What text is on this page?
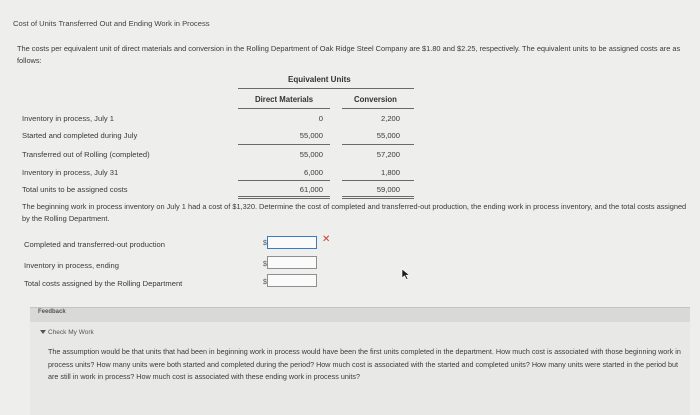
Cost of Units Transferred Out and Ending Work in Process
The costs per equivalent unit of direct materials and conversion in the Rolling Department of Oak Ridge Steel Company are $1.80 and $2.25, respectively. The equivalent units to be assigned costs are as follows:
Equivalent Units
Direct Materials	Conversion
Inventory in process, July 1	0	2,200
Started and completed during July	55,000	55,000
Transferred out of Rolling (completed)	55,000	57,200
Inventory in process, July 31	6,000	1,800
Total units to be assigned costs	61,000	59,000
The beginning work in process inventory on July 1 had a cost of $1,320. Determine the cost of completed and transferred-out production, the ending work in process inventory, and the total costs assigned by the Rolling Department.
Completed and transferred-out production	$	✕
Inventory in process, ending	$
Total costs assigned by the Rolling Department	$
Feedback
Check My Work
The assumption would be that units that had been in beginning work in process would have been the first units completed in the department. How much cost is associated with those beginning work in process units? How many units were both started and completed during the period? How much cost is associated with the started and completed units? How many units were started in the period but are still in work in process? How much cost is associated with these ending work in process units?
